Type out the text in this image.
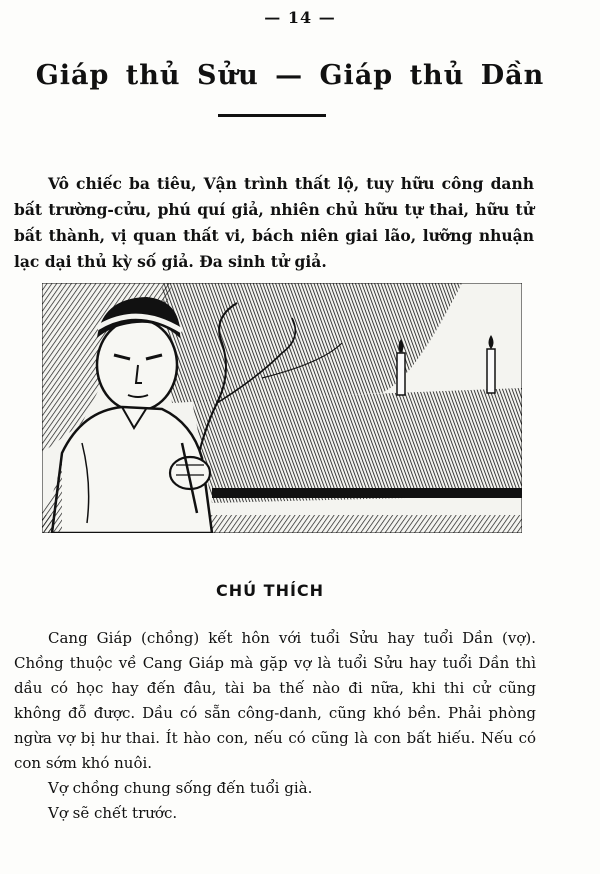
— 14 —
Giáp thủ Sửu — Giáp thủ Dần

Vô chiếc ba tiêu, Vận trình thất lộ, tuy hữu công danh bất trường-cửu, phú quí giả, nhiên chủ hữu tự thai, hữu tử bất thành, vị quan thất vi, bách niên giai lão, lưỡng nhuận lạc dại thủ kỳ số giả. Đa sinh tử giả.

CHÚ THÍCH

Cang Giáp (chồng) kết hôn với tuổi Sửu hay tuổi Dần (vợ). Chồng thuộc về Cang Giáp mà gặp vợ là tuổi Sửu hay tuổi Dần thì dầu có học hay đến đâu, tài ba thế nào đi nữa, khi thi cử cũng không đỗ được. Dầu có sẵn công-danh, cũng khó bền. Phải phòng ngừa vợ bị hư thai. Ít hào con, nếu có cũng là con bất hiếu. Nếu có con sớm khó nuôi.

Vợ chồng chung sống đến tuổi già.

Vợ sẽ chết trước.
